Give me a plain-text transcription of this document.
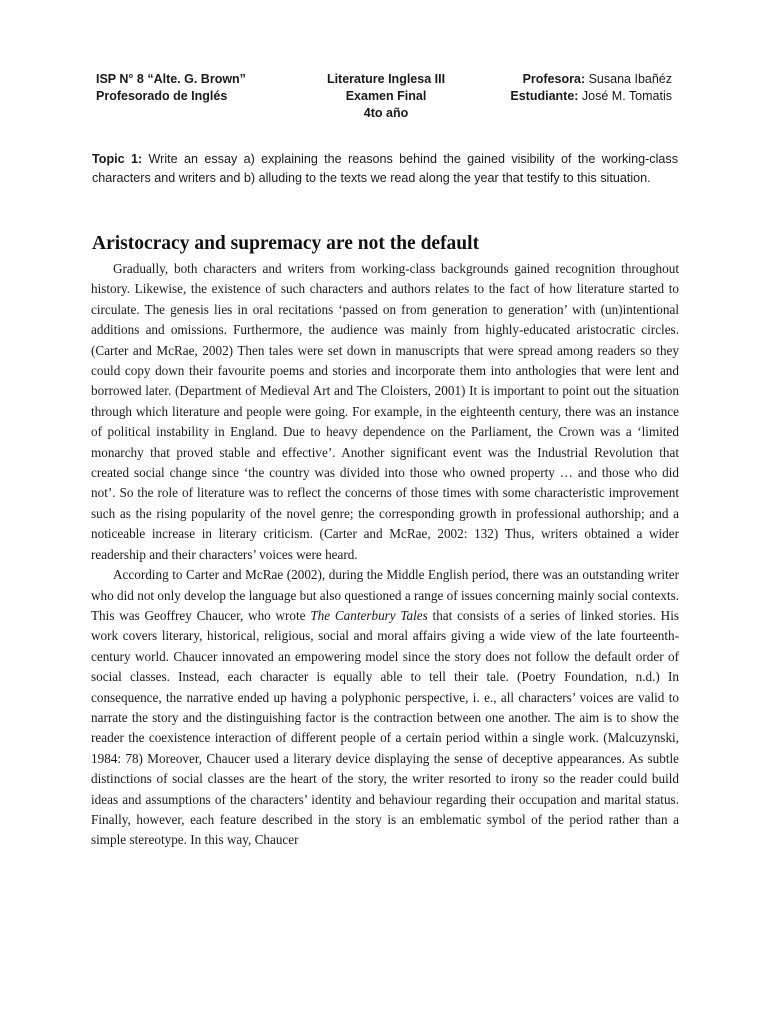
ISP N° 8 “Alte. G. Brown”
Profesorado de Inglés
Literature Inglesa III
Examen Final
4to año
Profesora: Susana Ibañéz
Estudiante: José M. Tomatis
Topic 1: Write an essay a) explaining the reasons behind the gained visibility of the working-class characters and writers and b) alluding to the texts we read along the year that testify to this situation.
Aristocracy and supremacy are not the default

Gradually, both characters and writers from working-class backgrounds gained recognition throughout history. Likewise, the existence of such characters and authors relates to the fact of how literature started to circulate. The genesis lies in oral recitations ‘passed on from generation to generation’ with (un)intentional additions and omissions. Furthermore, the audience was mainly from highly-educated aristocratic circles. (Carter and McRae, 2002) Then tales were set down in manuscripts that were spread among readers so they could copy down their favourite poems and stories and incorporate them into anthologies that were lent and borrowed later. (Department of Medieval Art and The Cloisters, 2001) It is important to point out the situation through which literature and people were going. For example, in the eighteenth century, there was an instance of political instability in England. Due to heavy dependence on the Parliament, the Crown was a ‘limited monarchy that proved stable and effective’. Another significant event was the Industrial Revolution that created social change since ‘the country was divided into those who owned property … and those who did not’. So the role of literature was to reflect the concerns of those times with some characteristic improvement such as the rising popularity of the novel genre; the corresponding growth in professional authorship; and a noticeable increase in literary criticism. (Carter and McRae, 2002: 132) Thus, writers obtained a wider readership and their characters’ voices were heard.

According to Carter and McRae (2002), during the Middle English period, there was an outstanding writer who did not only develop the language but also questioned a range of issues concerning mainly social contexts. This was Geoffrey Chaucer, who wrote The Canterbury Tales that consists of a series of linked stories. His work covers literary, historical, religious, social and moral affairs giving a wide view of the late fourteenth-century world. Chaucer innovated an empowering model since the story does not follow the default order of social classes. Instead, each character is equally able to tell their tale. (Poetry Foundation, n.d.) In consequence, the narrative ended up having a polyphonic perspective, i. e., all characters’ voices are valid to narrate the story and the distinguishing factor is the contraction between one another. The aim is to show the reader the coexistence interaction of different people of a certain period within a single work. (Malcuzynski, 1984: 78) Moreover, Chaucer used a literary device displaying the sense of deceptive appearances. As subtle distinctions of social classes are the heart of the story, the writer resorted to irony so the reader could build ideas and assumptions of the characters’ identity and behaviour regarding their occupation and marital status. Finally, however, each feature described in the story is an emblematic symbol of the period rather than a simple stereotype. In this way, Chaucer
